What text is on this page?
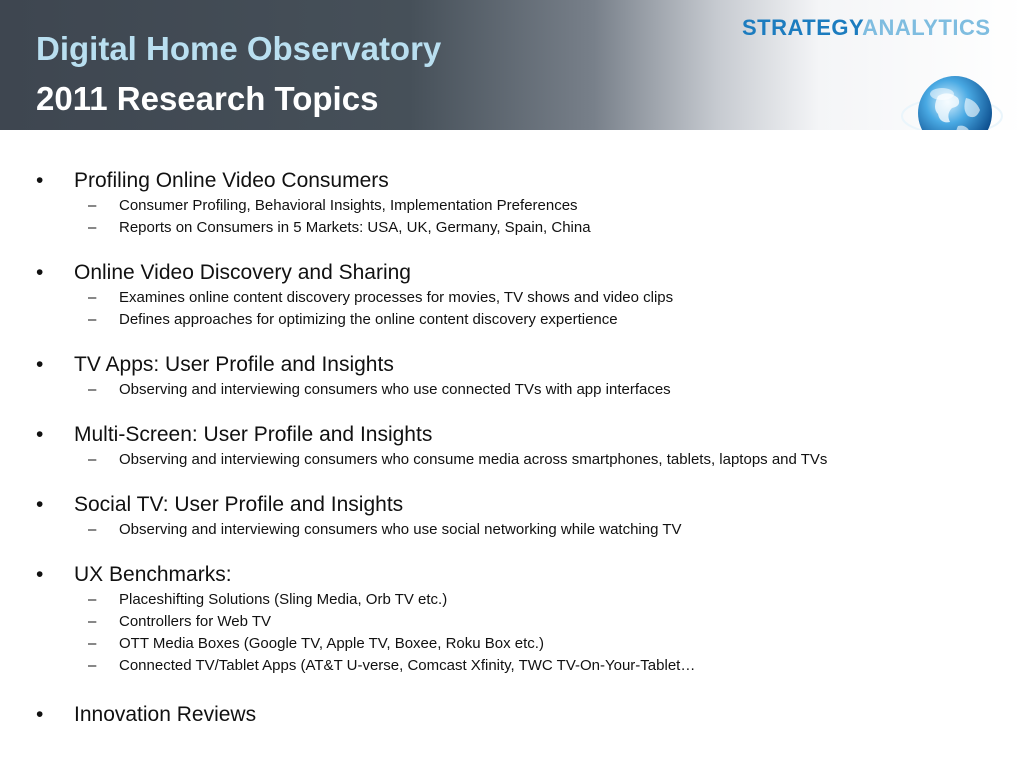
Digital Home Observatory
2011 Research Topics
STRATEGYANALYTICS
• Profiling Online Video Consumers
– Consumer Profiling, Behavioral Insights, Implementation Preferences
– Reports on Consumers in 5 Markets: USA, UK, Germany, Spain, China
• Online Video Discovery and Sharing
– Examines online content discovery processes for movies, TV shows and video clips
– Defines approaches for optimizing the online content discovery expertience
• TV Apps: User Profile and Insights
– Observing and interviewing consumers who use connected TVs with app interfaces
• Multi-Screen: User Profile and Insights
– Observing and interviewing consumers who consume media across smartphones, tablets, laptops and TVs
• Social TV: User Profile and Insights
– Observing and interviewing consumers who use social networking while watching TV
• UX Benchmarks:
– Placeshifting Solutions (Sling Media, Orb TV etc.)
– Controllers for Web TV
– OTT Media Boxes (Google TV, Apple TV, Boxee, Roku Box etc.)
– Connected TV/Tablet Apps (AT&T U-verse, Comcast Xfinity, TWC TV-On-Your-Tablet…
• Innovation Reviews
